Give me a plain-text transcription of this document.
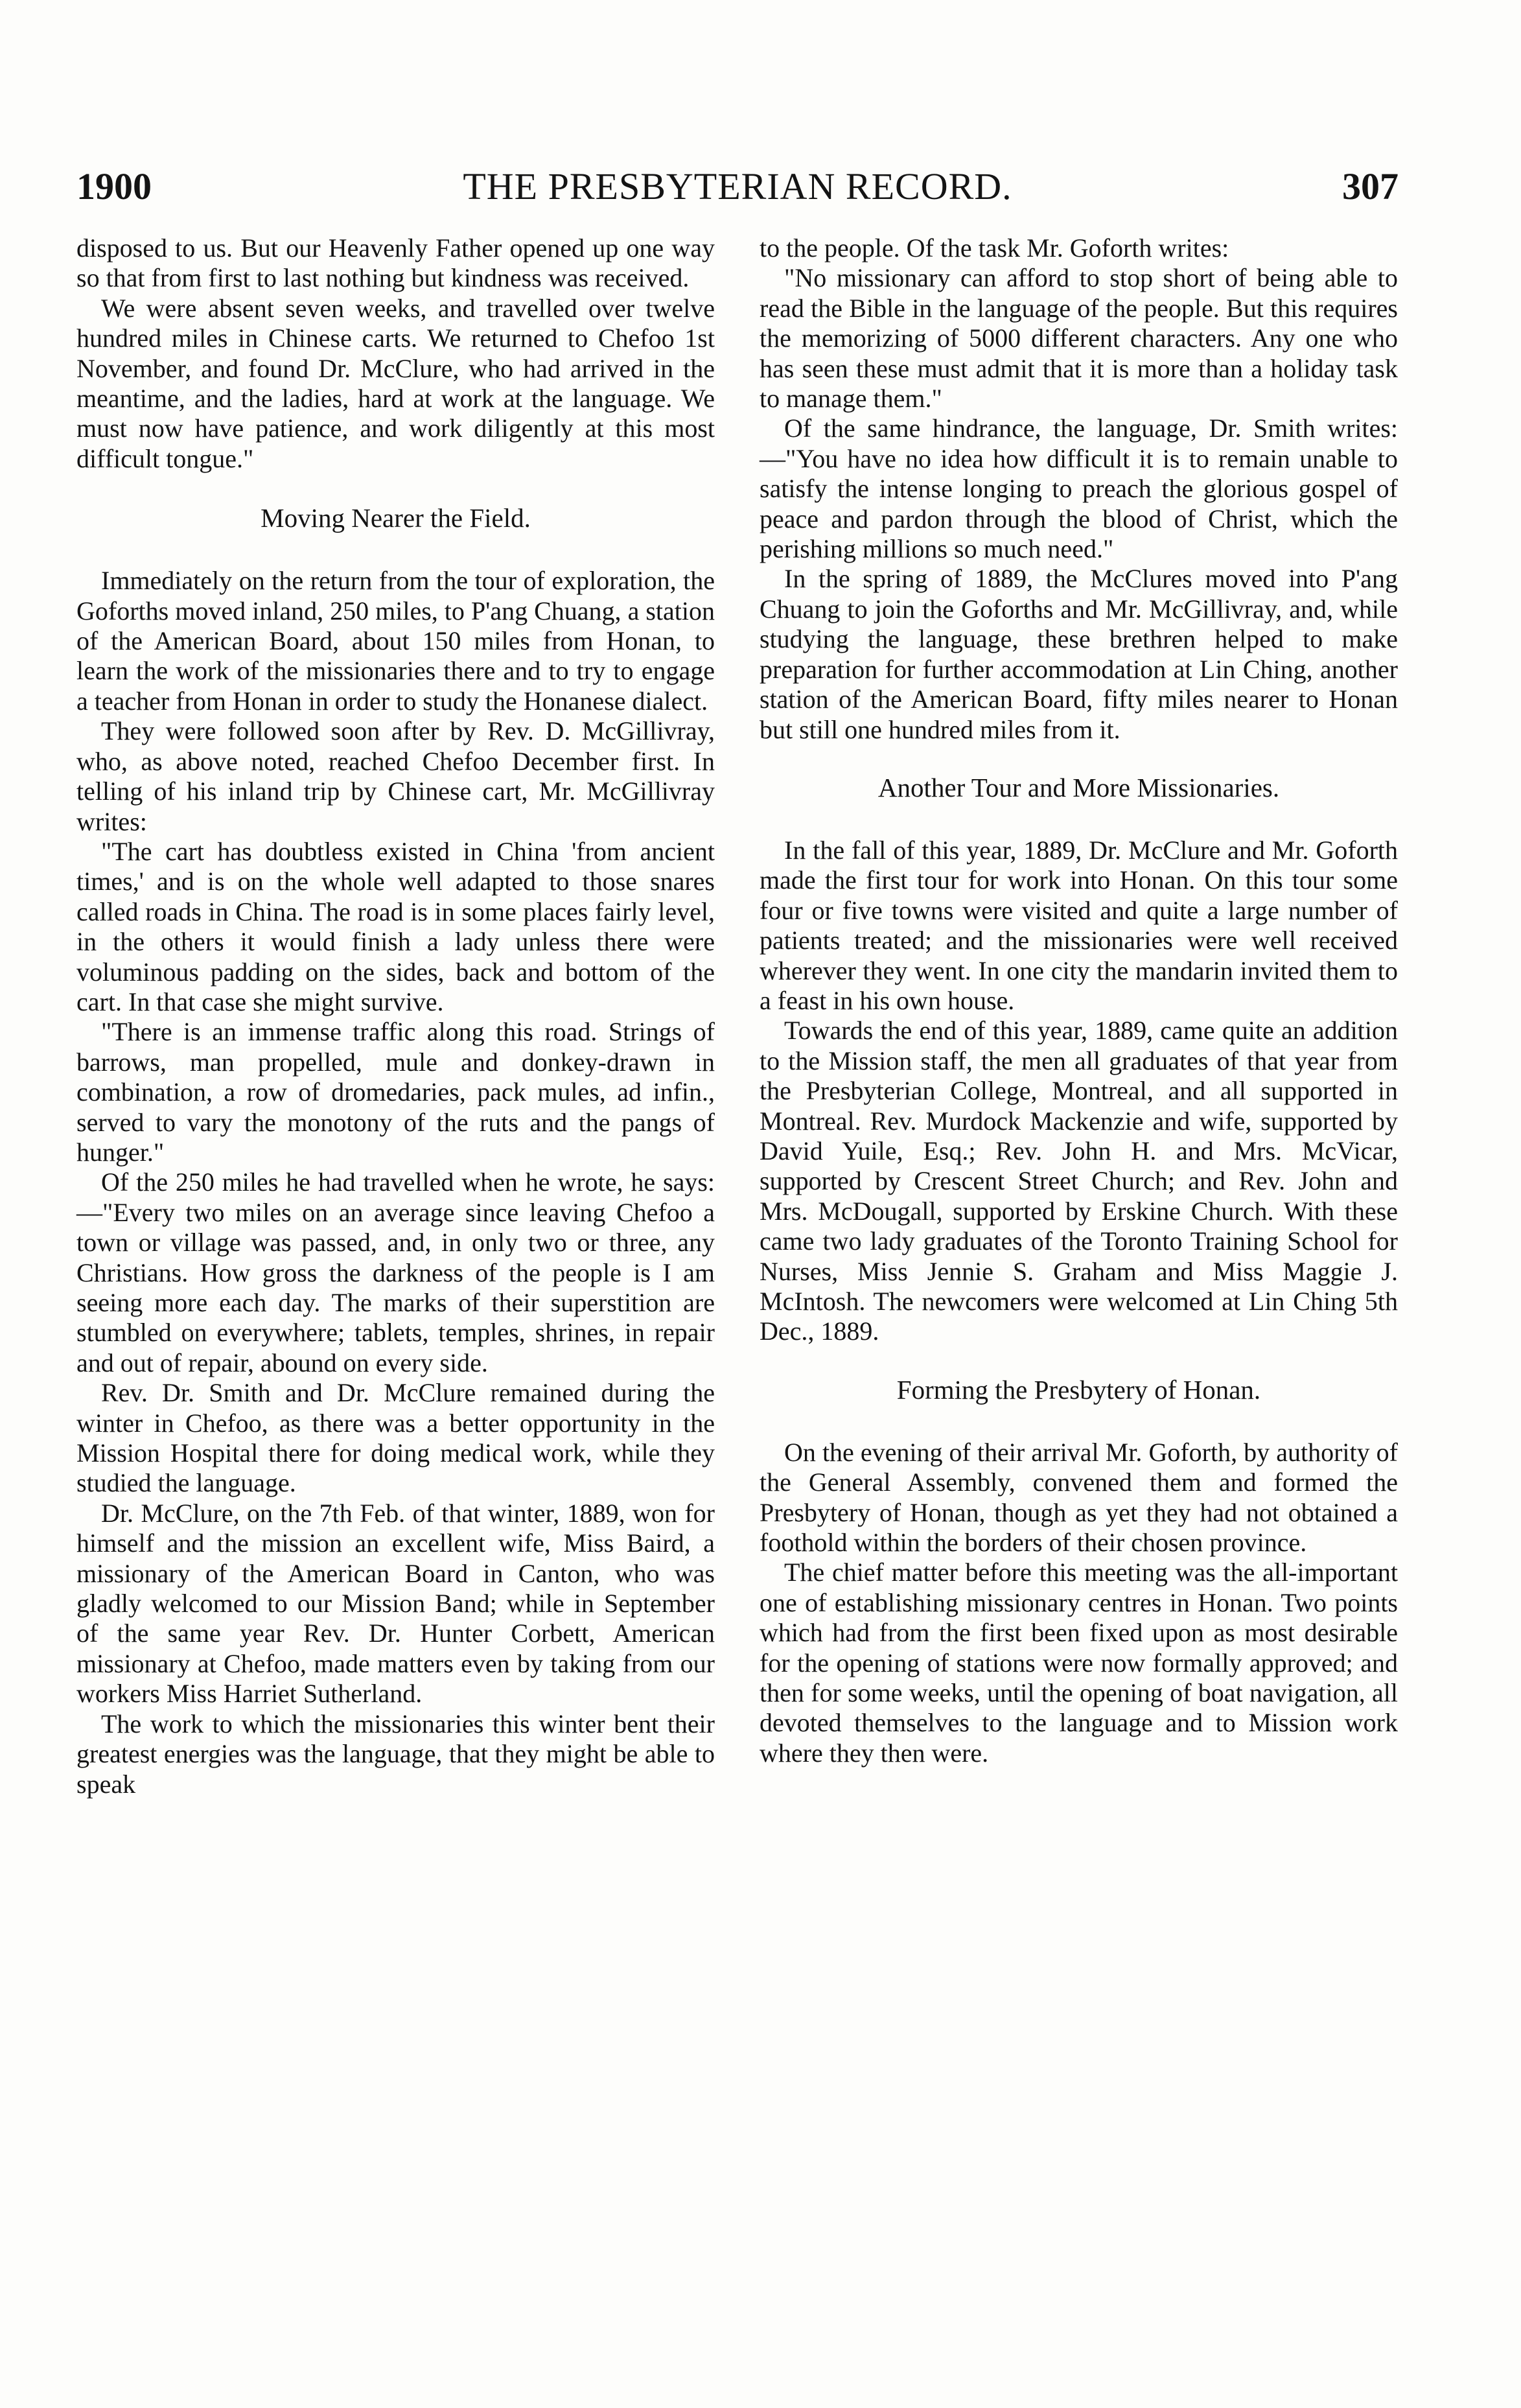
1900	THE PRESBYTERIAN RECORD.	307

disposed to us. But our Heavenly Father opened up one way so that from first to last nothing but kindness was received.

We were absent seven weeks, and travelled over twelve hundred miles in Chinese carts. We returned to Chefoo 1st November, and found Dr. McClure, who had arrived in the meantime, and the ladies, hard at work at the language. We must now have patience, and work diligently at this most difficult tongue."

Moving Nearer the Field.

Immediately on the return from the tour of exploration, the Goforths moved inland, 250 miles, to P'ang Chuang, a station of the American Board, about 150 miles from Honan, to learn the work of the missionaries there and to try to engage a teacher from Honan in order to study the Honanese dialect.

They were followed soon after by Rev. D. McGillivray, who, as above noted, reached Chefoo December first. In telling of his inland trip by Chinese cart, Mr. McGillivray writes:

"The cart has doubtless existed in China 'from ancient times,' and is on the whole well adapted to those snares called roads in China. The road is in some places fairly level, in the others it would finish a lady unless there were voluminous padding on the sides, back and bottom of the cart. In that case she might survive.

"There is an immense traffic along this road. Strings of barrows, man propelled, mule and donkey-drawn in combination, a row of dromedaries, pack mules, ad infin., served to vary the monotony of the ruts and the pangs of hunger."

Of the 250 miles he had travelled when he wrote, he says:—"Every two miles on an average since leaving Chefoo a town or village was passed, and, in only two or three, any Christians. How gross the darkness of the people is I am seeing more each day. The marks of their superstition are stumbled on everywhere; tablets, temples, shrines, in repair and out of repair, abound on every side.

Rev. Dr. Smith and Dr. McClure remained during the winter in Chefoo, as there was a better opportunity in the Mission Hospital there for doing medical work, while they studied the language.

Dr. McClure, on the 7th Feb. of that winter, 1889, won for himself and the mission an excellent wife, Miss Baird, a missionary of the American Board in Canton, who was gladly welcomed to our Mission Band; while in September of the same year Rev. Dr. Hunter Corbett, American missionary at Chefoo, made matters even by taking from our workers Miss Harriet Sutherland.

The work to which the missionaries this winter bent their greatest energies was the language, that they might be able to speak

to the people. Of the task Mr. Goforth writes:

"No missionary can afford to stop short of being able to read the Bible in the language of the people. But this requires the memorizing of 5000 different characters. Any one who has seen these must admit that it is more than a holiday task to manage them."

Of the same hindrance, the language, Dr. Smith writes:—"You have no idea how difficult it is to remain unable to satisfy the intense longing to preach the glorious gospel of peace and pardon through the blood of Christ, which the perishing millions so much need."

In the spring of 1889, the McClures moved into P'ang Chuang to join the Goforths and Mr. McGillivray, and, while studying the language, these brethren helped to make preparation for further accommodation at Lin Ching, another station of the American Board, fifty miles nearer to Honan but still one hundred miles from it.

Another Tour and More Missionaries.

In the fall of this year, 1889, Dr. McClure and Mr. Goforth made the first tour for work into Honan. On this tour some four or five towns were visited and quite a large number of patients treated; and the missionaries were well received wherever they went. In one city the mandarin invited them to a feast in his own house.

Towards the end of this year, 1889, came quite an addition to the Mission staff, the men all graduates of that year from the Presbyterian College, Montreal, and all supported in Montreal. Rev. Murdock Mackenzie and wife, supported by David Yuile, Esq.; Rev. John H. and Mrs. McVicar, supported by Crescent Street Church; and Rev. John and Mrs. McDougall, supported by Erskine Church. With these came two lady graduates of the Toronto Training School for Nurses, Miss Jennie S. Graham and Miss Maggie J. McIntosh. The newcomers were welcomed at Lin Ching 5th Dec., 1889.

Forming the Presbytery of Honan.

On the evening of their arrival Mr. Goforth, by authority of the General Assembly, convened them and formed the Presbytery of Honan, though as yet they had not obtained a foothold within the borders of their chosen province.

The chief matter before this meeting was the all-important one of establishing missionary centres in Honan. Two points which had from the first been fixed upon as most desirable for the opening of stations were now formally approved; and then for some weeks, until the opening of boat navigation, all devoted themselves to the language and to Mission work where they then were.
